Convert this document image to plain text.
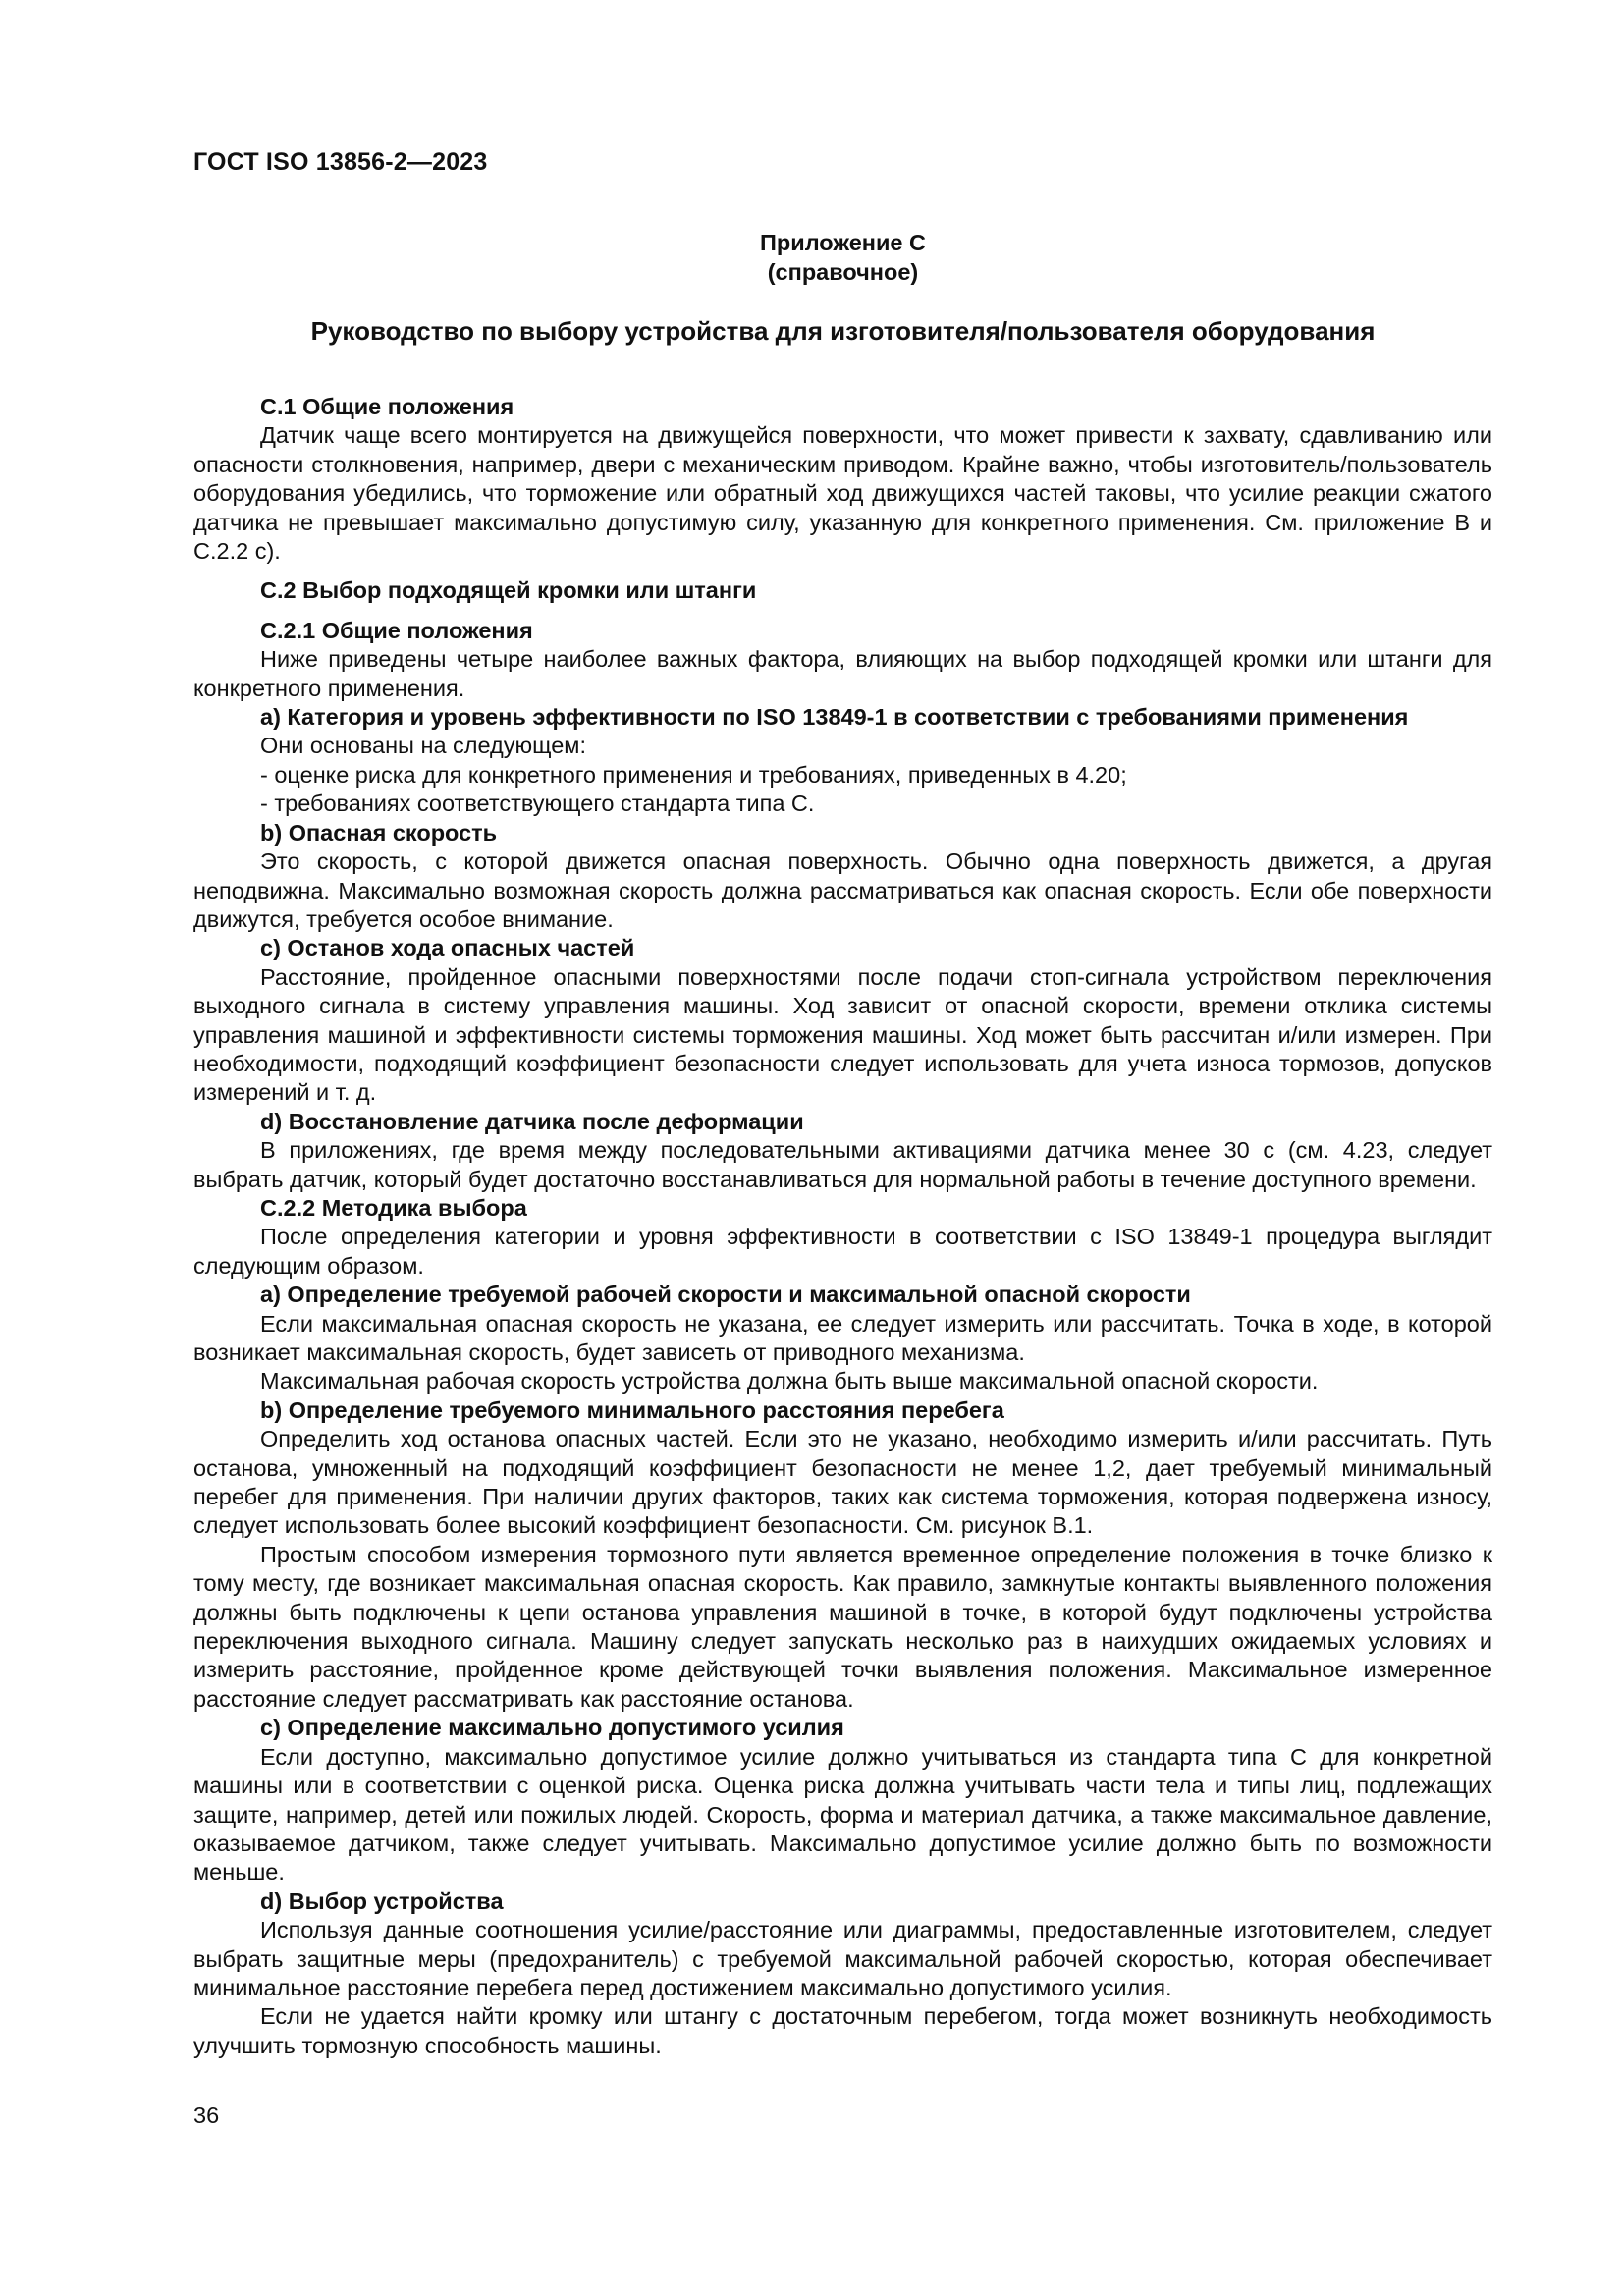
ГОСТ ISO 13856-2—2023
Приложение С
(справочное)
Руководство по выбору устройства для изготовителя/пользователя оборудования

С.1 Общие положения

Датчик чаще всего монтируется на движущейся поверхности, что может привести к захвату, сдавливанию или опасности столкновения, например, двери с механическим приводом. Крайне важно, чтобы изготовитель/пользователь оборудования убедились, что торможение или обратный ход движущихся частей таковы, что усилие реакции сжатого датчика не превышает максимально допустимую силу, указанную для конкретного применения. См. приложение В и С.2.2 с).

С.2 Выбор подходящей кромки или штанги

С.2.1 Общие положения

Ниже приведены четыре наиболее важных фактора, влияющих на выбор подходящей кромки или штанги для конкретного применения.

а) Категория и уровень эффективности по ISO 13849-1 в соответствии с требованиями применения

Они основаны на следующем:

- оценке риска для конкретного применения и требованиях, приведенных в 4.20;

- требованиях соответствующего стандарта типа С.

b) Опасная скорость

Это скорость, с которой движется опасная поверхность. Обычно одна поверхность движется, а другая неподвижна. Максимально возможная скорость должна рассматриваться как опасная скорость. Если обе поверхности движутся, требуется особое внимание.

с) Останов хода опасных частей

Расстояние, пройденное опасными поверхностями после подачи стоп-сигнала устройством переключения выходного сигнала в систему управления машины. Ход зависит от опасной скорости, времени отклика системы управления машиной и эффективности системы торможения машины. Ход может быть рассчитан и/или измерен. При необходимости, подходящий коэффициент безопасности следует использовать для учета износа тормозов, допусков измерений и т. д.

d) Восстановление датчика после деформации

В приложениях, где время между последовательными активациями датчика менее 30 с (см. 4.23, следует выбрать датчик, который будет достаточно восстанавливаться для нормальной работы в течение доступного времени.

С.2.2 Методика выбора

После определения категории и уровня эффективности в соответствии с ISO 13849-1 процедура выглядит следующим образом.

а) Определение требуемой рабочей скорости и максимальной опасной скорости

Если максимальная опасная скорость не указана, ее следует измерить или рассчитать. Точка в ходе, в которой возникает максимальная скорость, будет зависеть от приводного механизма.

Максимальная рабочая скорость устройства должна быть выше максимальной опасной скорости.

b) Определение требуемого минимального расстояния перебега

Определить ход останова опасных частей. Если это не указано, необходимо измерить и/или рассчитать. Путь останова, умноженный на подходящий коэффициент безопасности не менее 1,2, дает требуемый минимальный перебег для применения. При наличии других факторов, таких как система торможения, которая подвержена износу, следует использовать более высокий коэффициент безопасности. См. рисунок В.1.

Простым способом измерения тормозного пути является временное определение положения в точке близко к тому месту, где возникает максимальная опасная скорость. Как правило, замкнутые контакты выявленного положения должны быть подключены к цепи останова управления машиной в точке, в которой будут подключены устройства переключения выходного сигнала. Машину следует запускать несколько раз в наихудших ожидаемых условиях и измерить расстояние, пройденное кроме действующей точки выявления положения. Максимальное измеренное расстояние следует рассматривать как расстояние останова.

с) Определение максимально допустимого усилия

Если доступно, максимально допустимое усилие должно учитываться из стандарта типа С для конкретной машины или в соответствии с оценкой риска. Оценка риска должна учитывать части тела и типы лиц, подлежащих защите, например, детей или пожилых людей. Скорость, форма и материал датчика, а также максимальное давление, оказываемое датчиком, также следует учитывать. Максимально допустимое усилие должно быть по возможности меньше.

d) Выбор устройства

Используя данные соотношения усилие/расстояние или диаграммы, предоставленные изготовителем, следует выбрать защитные меры (предохранитель) с требуемой максимальной рабочей скоростью, которая обеспечивает минимальное расстояние перебега перед достижением максимально допустимого усилия.

Если не удается найти кромку или штангу с достаточным перебегом, тогда может возникнуть необходимость улучшить тормозную способность машины.

36
